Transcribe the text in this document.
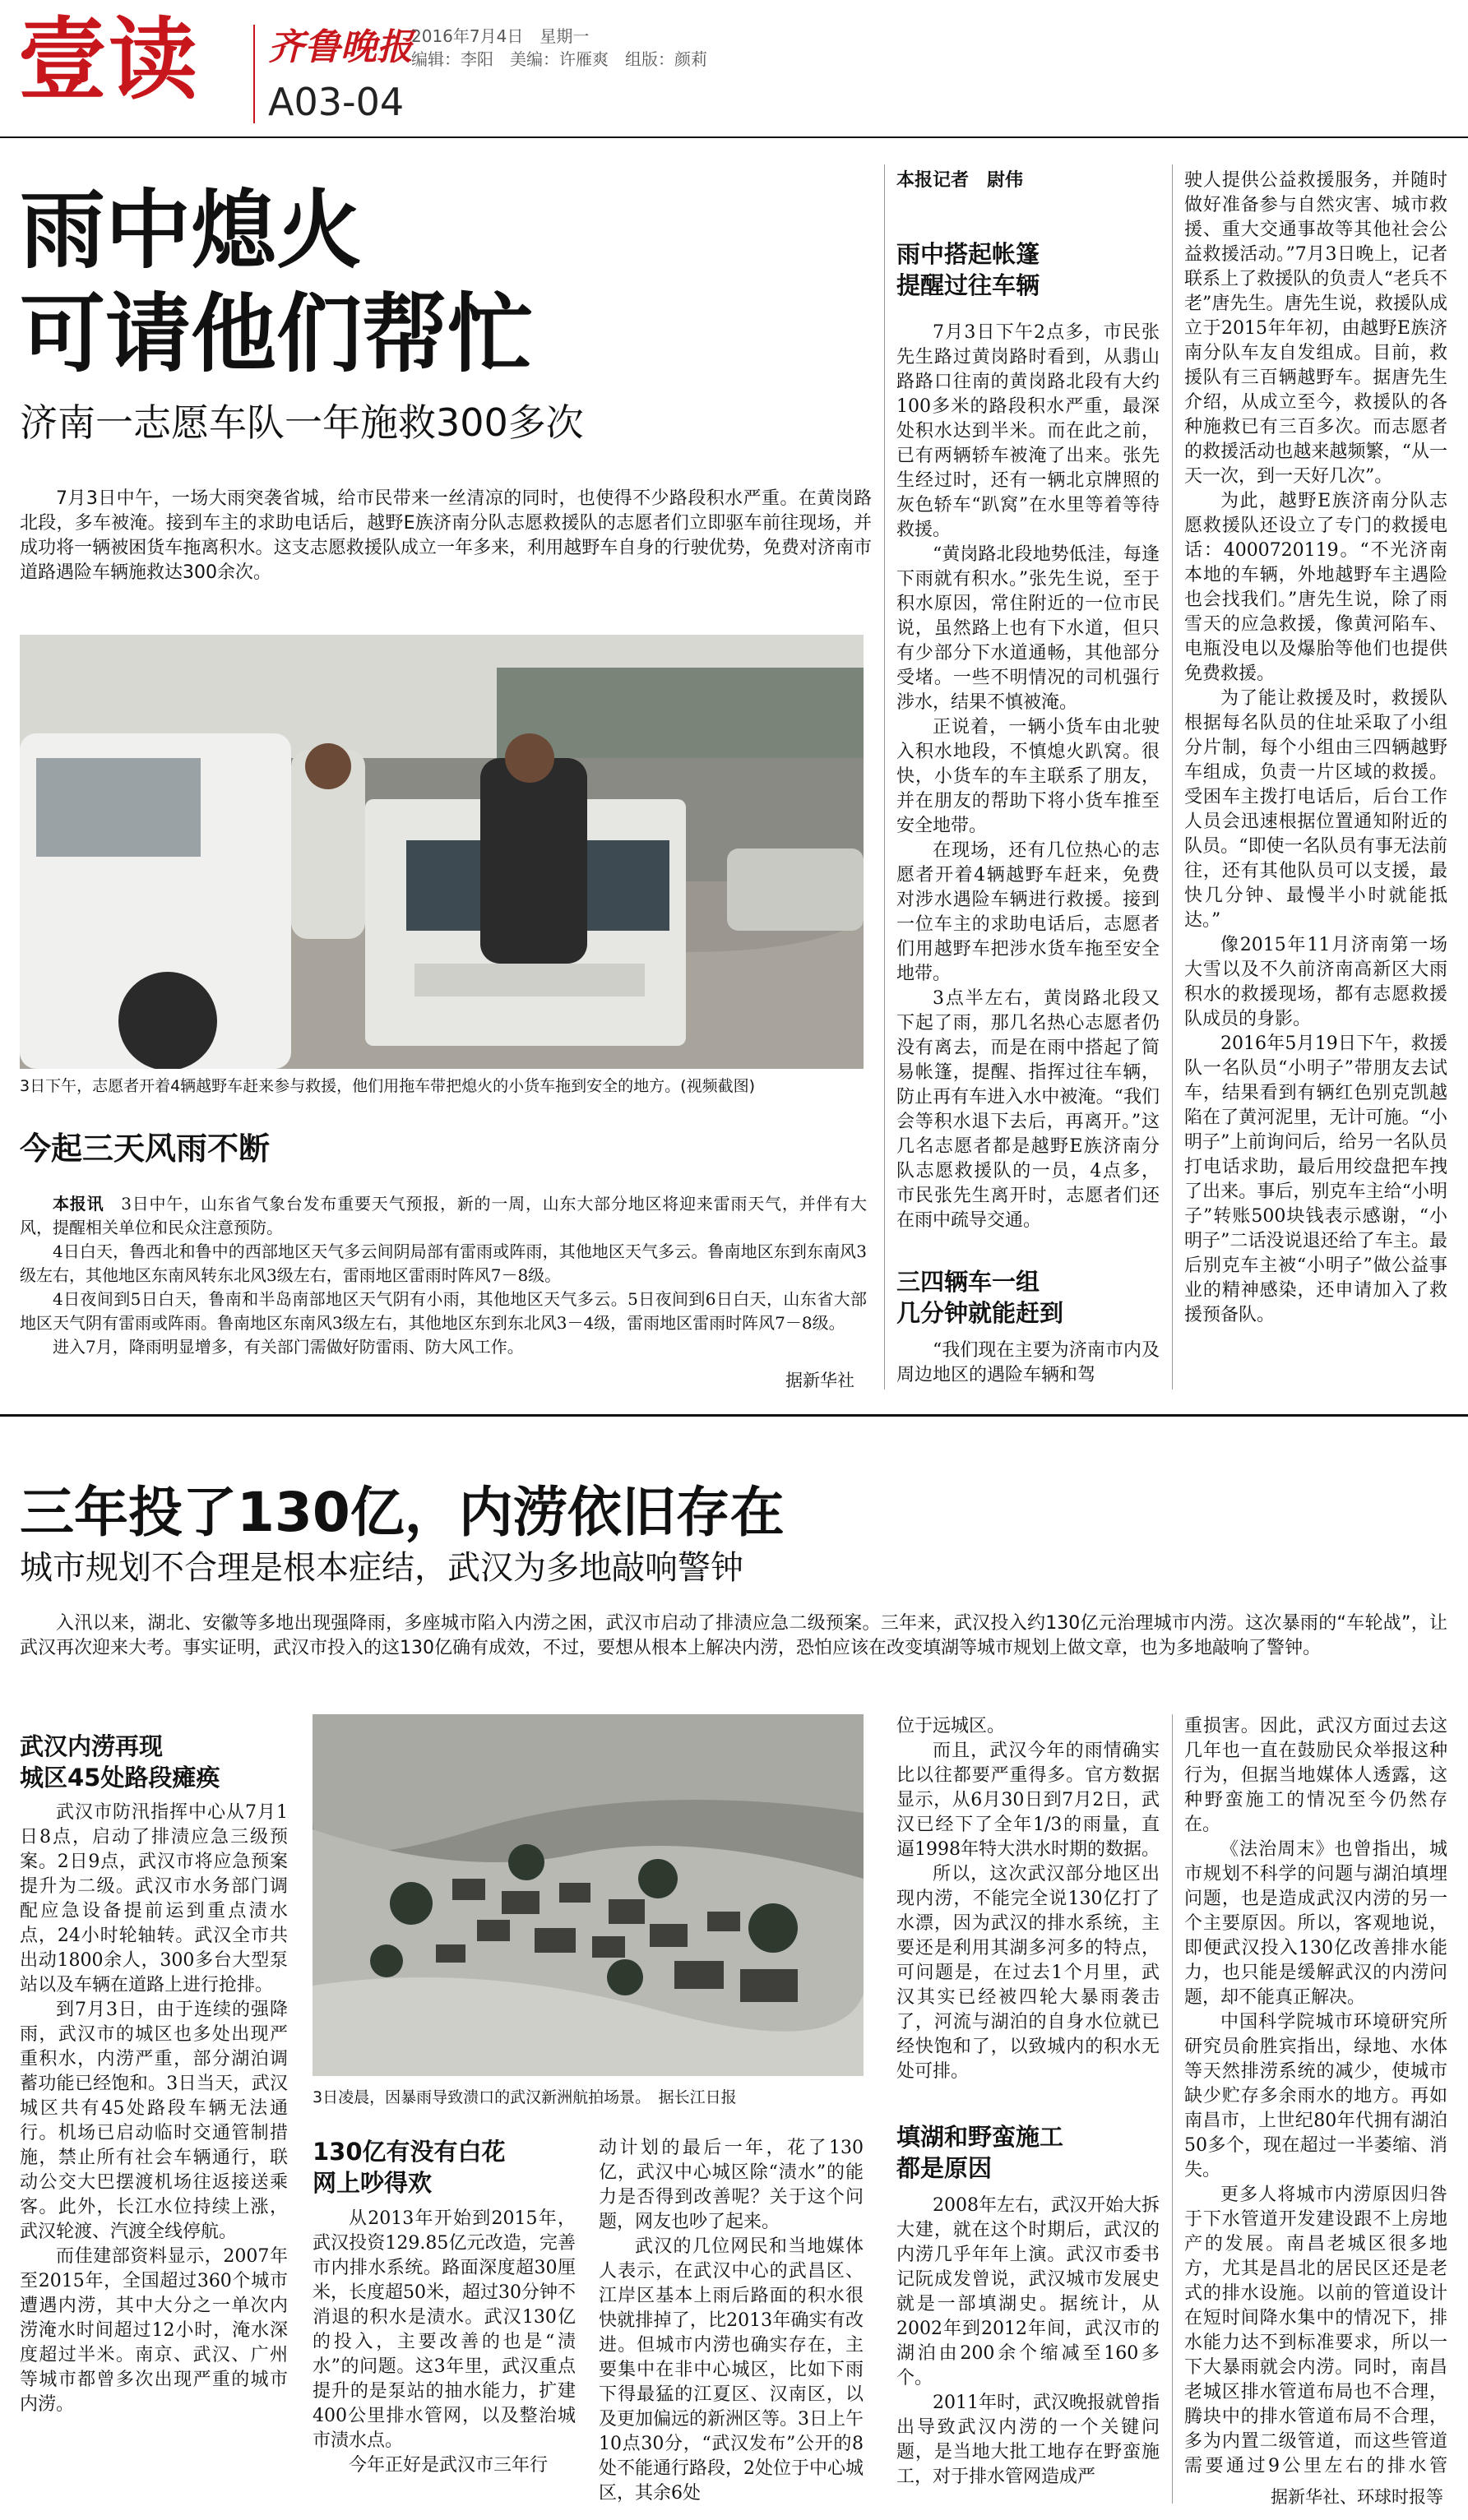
壹读 齐鲁晚报
2016年7月4日　星期一
编辑：李阳　美编：许雁爽　组版：颜莉
A03-04
雨中熄火
可请他们帮忙
济南一志愿车队一年施救300多次
7月3日中午，一场大雨突袭省城，给市民带来一丝清凉的同时，也使得不少路段积水严重。在黄岗路北段，多车被淹。接到车主的求助电话后，越野E族济南分队志愿救援队的志愿者们立即驱车前往现场，并成功将一辆被困货车拖离积水。这支志愿救援队成立一年多来，利用越野车自身的行驶优势，免费对济南市道路遇险车辆施救达300余次。
3日下午，志愿者开着4辆越野车赶来参与救援，他们用拖车带把熄火的小货车拖到安全的地方。(视频截图)
今起三天风雨不断

本报讯　 3日中午，山东省气象台发布重要天气预报，新的一周，山东大部分地区将迎来雷雨天气，并伴有大风，提醒相关单位和民众注意预防。

4日白天，鲁西北和鲁中的西部地区天气多云间阴局部有雷雨或阵雨，其他地区天气多云。鲁南地区东到东南风3级左右，其他地区东南风转东北风3级左右，雷雨地区雷雨时阵风7－8级。

4日夜间到5日白天，鲁南和半岛南部地区天气阴有小雨，其他地区天气多云。5日夜间到6日白天，山东省大部地区天气阴有雷雨或阵雨。鲁南地区东南风3级左右，其他地区东到东北风3－4级，雷雨地区雷雨时阵风7－8级。

进入7月，降雨明显增多，有关部门需做好防雷雨、防大风工作。

据新华社
本报记者　尉伟
雨中搭起帐篷
提醒过往车辆

7月3日下午2点多，市民张先生路过黄岗路时看到，从翡山路路口往南的黄岗路北段有大约100多米的路段积水严重，最深处积水达到半米。而在此之前，已有两辆轿车被淹了出来。张先生经过时，还有一辆北京牌照的灰色轿车“趴窝”在水里等着等待救援。

“黄岗路北段地势低洼，每逢下雨就有积水。”张先生说，至于积水原因，常住附近的一位市民说，虽然路上也有下水道，但只有少部分下水道通畅，其他部分受堵。一些不明情况的司机强行涉水，结果不慎被淹。

正说着，一辆小货车由北驶入积水地段，不慎熄火趴窝。很快，小货车的车主联系了朋友，并在朋友的帮助下将小货车推至安全地带。

在现场，还有几位热心的志愿者开着4辆越野车赶来，免费对涉水遇险车辆进行救援。接到一位车主的求助电话后，志愿者们用越野车把涉水货车拖至安全地带。

3点半左右，黄岗路北段又下起了雨，那几名热心志愿者仍没有离去，而是在雨中搭起了简易帐篷，提醒、指挥过往车辆，防止再有车进入水中被淹。“我们会等积水退下去后，再离开。”这几名志愿者都是越野E族济南分队志愿救援队的一员，4点多，市民张先生离开时，志愿者们还在雨中疏导交通。

三四辆车一组
几分钟就能赶到
“我们现在主要为济南市内及周边地区的遇险车辆和驾

驶人提供公益救援服务，并随时做好准备参与自然灾害、城市救援、重大交通事故等其他社会公益救援活动。”7月3日晚上，记者联系上了救援队的负责人“老兵不老”唐先生。唐先生说，救援队成立于2015年年初，由越野E族济南分队车友自发组成。目前，救援队有三百辆越野车。据唐先生介绍，从成立至今，救援队的各种施救已有三百多次。而志愿者的救援活动也越来越频繁，“从一天一次，到一天好几次”。

为此，越野E族济南分队志愿救援队还设立了专门的救援电话：4000720119。“不光济南本地的车辆，外地越野车主遇险也会找我们。”唐先生说，除了雨雪天的应急救援，像黄河陷车、电瓶没电以及爆胎等他们也提供免费救援。

为了能让救援及时，救援队根据每名队员的住址采取了小组分片制，每个小组由三四辆越野车组成，负责一片区域的救援。受困车主拨打电话后，后台工作人员会迅速根据位置通知附近的队员。“即使一名队员有事无法前往，还有其他队员可以支援，最快几分钟、最慢半小时就能抵达。”

像2015年11月济南第一场大雪以及不久前济南高新区大雨积水的救援现场，都有志愿救援队成员的身影。

2016年5月19日下午，救援队一名队员“小明子”带朋友去试车，结果看到有辆红色别克凯越陷在了黄河泥里，无计可施。“小明子”上前询问后，给另一名队员打电话求助，最后用绞盘把车拽了出来。事后，别克车主给“小明子”转账500块钱表示感谢，“小明子”二话没说退还给了车主。最后别克车主被“小明子”做公益事业的精神感染，还申请加入了救援预备队。

三年投了130亿，内涝依旧存在
城市规划不合理是根本症结，武汉为多地敲响警钟
入汛以来，湖北、安徽等多地出现强降雨，多座城市陷入内涝之困，武汉市启动了排渍应急二级预案。三年来，武汉投入约130亿元治理城市内涝。这次暴雨的“车轮战”，让武汉再次迎来大考。事实证明，武汉市投入的这130亿确有成效，不过，要想从根本上解决内涝，恐怕应该在改变填湖等城市规划上做文章，也为多地敲响了警钟。
武汉内涝再现
城区45处路段瘫痪

武汉市防汛指挥中心从7月1日8点，启动了排渍应急三级预案。2日9点，武汉市将应急预案提升为二级。武汉市水务部门调配应急设备提前运到重点渍水点，24小时轮轴转。武汉全市共出动1800余人，300多台大型泵站以及车辆在道路上进行抢排。

到7月3日，由于连续的强降雨，武汉市的城区也多处出现严重积水，内涝严重，部分湖泊调蓄功能已经饱和。3日当天，武汉城区共有45处路段车辆无法通行。机场已启动临时交通管制措施，禁止所有社会车辆通行，联动公交大巴摆渡机场往返接送乘客。此外，长江水位持续上涨，武汉轮渡、汽渡全线停航。

而佳建部资料显示，2007年至2015年，全国超过360个城市遭遇内涝，其中大分之一单次内涝淹水时间超过12小时，淹水深度超过半米。南京、武汉、广州等城市都曾多次出现严重的城市内涝。

3日凌晨，因暴雨导致溃口的武汉新洲航拍场景。　据长江日报
130亿有没有白花
网上吵得欢

从2013年开始到2015年，武汉投资129.85亿元改造，完善市内排水系统。路面深度超30厘米，长度超50米，超过30分钟不消退的积水是渍水。武汉130亿的投入，主要改善的也是“渍水”的问题。这3年里，武汉重点提升的是泵站的抽水能力，扩建400公里排水管网，以及整治城市渍水点。

今年正好是武汉市三年行

动计划的最后一年，花了130亿，武汉中心城区除“渍水”的能力是否得到改善呢？关于这个问题，网友也吵了起来。

武汉的几位网民和当地媒体人表示，在武汉中心的武昌区、江岸区基本上雨后路面的积水很快就排掉了，比2013年确实有改进。但城市内涝也确实存在，主要集中在非中心城区，比如下雨下得最猛的江夏区、汉南区，以及更加偏远的新洲区等。3日上午10点30分，“武汉发布”公开的8处不能通行路段，2处位于中心城区，其余6处

位于远城区。

而且，武汉今年的雨情确实比以往都要严重得多。官方数据显示，从6月30日到7月2日，武汉已经下了全年1/3的雨量，直逼1998年特大洪水时期的数据。

所以，这次武汉部分地区出现内涝，不能完全说130亿打了水漂，因为武汉的排水系统，主要还是利用其湖多河多的特点，可问题是，在过去1个月里，武汉其实已经被四轮大暴雨袭击了，河流与湖泊的自身水位就已经快饱和了，以致城内的积水无处可排。

填湖和野蛮施工
都是原因

2008年左右，武汉开始大拆大建，就在这个时期后，武汉的内涝几乎年年上演。武汉市委书记阮成发曾说，武汉城市发展史就是一部填湖史。据统计，从2002年到2012年间，武汉市的湖泊由200余个缩减至160多个。

2011年时，武汉晚报就曾指出导致武汉内涝的一个关键问题，是当地大批工地存在野蛮施工，对于排水管网造成严

重损害。因此，武汉方面过去这几年也一直在鼓励民众举报这种行为，但据当地媒体人透露，这种野蛮施工的情况至今仍然存在。

《法治周末》也曾指出，城市规划不科学的问题与湖泊填埋问题，也是造成武汉内涝的另一个主要原因。所以，客观地说，即便武汉投入130亿改善排水能力，也只能是缓解武汉的内涝问题，却不能真正解决。

中国科学院城市环境研究所研究员俞胜宾指出，绿地、水体等天然排涝系统的减少，使城市缺少贮存多余雨水的地方。再如南昌市，上世纪80年代拥有湖泊50多个，现在超过一半萎缩、消失。

更多人将城市内涝原因归咎于下水管道开发建设跟不上房地产的发展。南昌老城区很多地方，尤其是昌北的居民区还是老式的排水设施。以前的管道设计在短时间降水集中的情况下，排水能力达不到标准要求，所以一下大暴雨就会内涝。同时，南昌老城区排水管道布局也不合理，腾块中的排水管道布局不合理，多为内置二级管道，而这些管道需要通过9公里左右的排水管

据新华社、环球时报等
